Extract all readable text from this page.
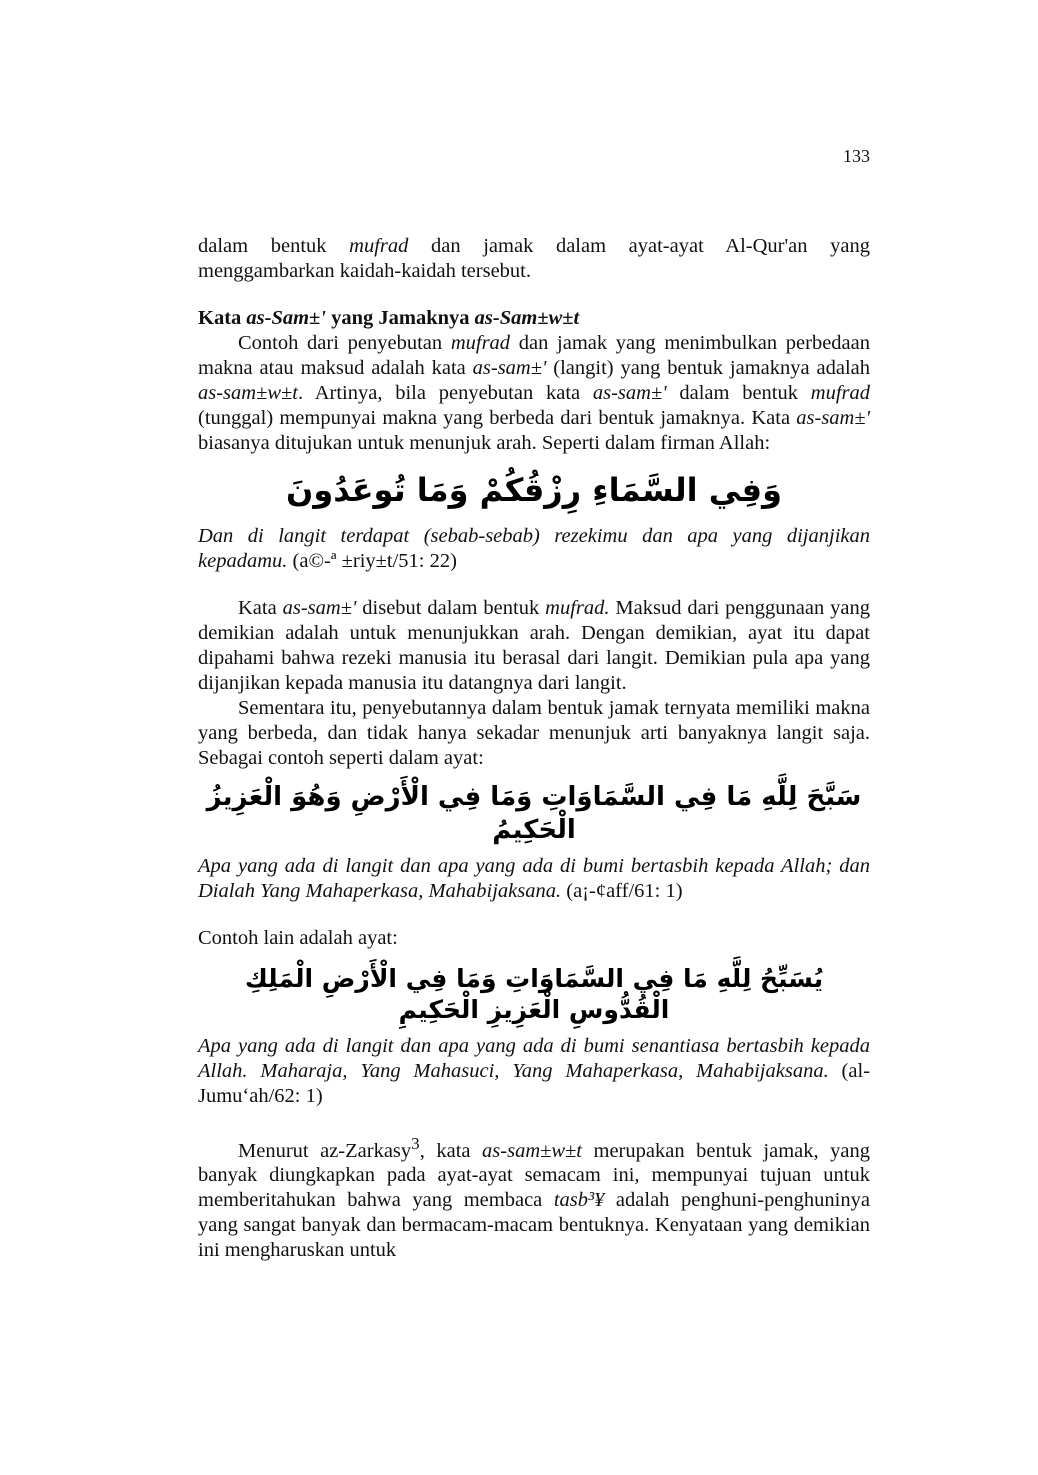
133

dalam bentuk mufrad dan jamak dalam ayat-ayat Al-Qur'an yang menggambarkan kaidah-kaidah tersebut.

Kata as-Sam±' yang Jamaknya as-Sam±w±t

Contoh dari penyebutan mufrad dan jamak yang menimbulkan perbedaan makna atau maksud adalah kata as-sam±' (langit) yang bentuk jamaknya adalah as-sam±w±t. Artinya, bila penyebutan kata as-sam±' dalam bentuk mufrad (tunggal) mempunyai makna yang berbeda dari bentuk jamaknya. Kata as-sam±' biasanya ditujukan untuk menunjuk arah. Seperti dalam firman Allah:

وَفِي السَّمَاءِ رِزْقُكُمْ وَمَا تُوعَدُونَ

Dan di langit terdapat (sebab-sebab) rezekimu dan apa yang dijanjikan kepadamu. (a©-ª ±riy±t/51: 22)

Kata as-sam±' disebut dalam bentuk mufrad. Maksud dari penggunaan yang demikian adalah untuk menunjukkan arah. Dengan demikian, ayat itu dapat dipahami bahwa rezeki manusia itu berasal dari langit. Demikian pula apa yang dijanjikan kepada manusia itu datangnya dari langit.

Sementara itu, penyebutannya dalam bentuk jamak ternyata memiliki makna yang berbeda, dan tidak hanya sekadar menunjuk arti banyaknya langit saja. Sebagai contoh seperti dalam ayat:

سَبَّحَ لِلَّهِ مَا فِي السَّمَاوَاتِ وَمَا فِي الْأَرْضِ وَهُوَ الْعَزِيزُ الْحَكِيمُ

Apa yang ada di langit dan apa yang ada di bumi bertasbih kepada Allah; dan Dialah Yang Mahaperkasa, Mahabijaksana. (a¡-¢aff/61: 1)

Contoh lain adalah ayat:

يُسَبِّحُ لِلَّهِ مَا فِي السَّمَاوَاتِ وَمَا فِي الْأَرْضِ الْمَلِكِ الْقُدُّوسِ الْعَزِيزِ الْحَكِيمِ

Apa yang ada di langit dan apa yang ada di bumi senantiasa bertasbih kepada Allah. Maharaja, Yang Mahasuci, Yang Mahaperkasa, Mahabijaksana. (al-Jumu‘ah/62: 1)

Menurut az-Zarkasy$^3$, kata as-sam±w±t merupakan bentuk jamak, yang banyak diungkapkan pada ayat-ayat semacam ini, mempunyai tujuan untuk memberitahukan bahwa yang membaca tasb³¥ adalah penghuni-penghuninya yang sangat banyak dan bermacam-macam bentuknya. Kenyataan yang demikian ini mengharuskan untuk
